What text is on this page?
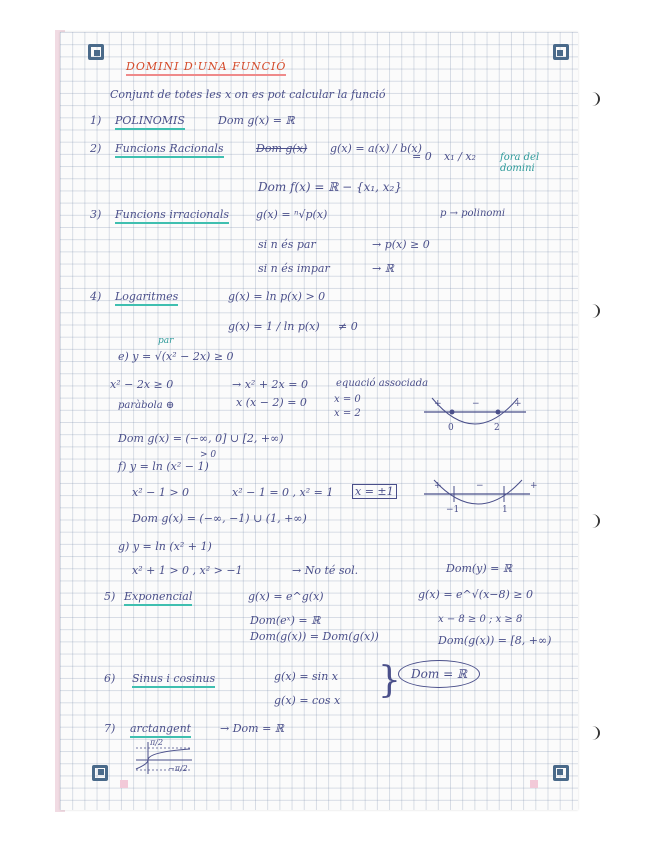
DOMINI D'UNA FUNCIÓ
Conjunt de totes les x on es pot calcular la funció
1) POLINOMIS	Dom g(x) = ℝ
2) Funcions Racionals	Dom g(x) g(x) = a(x) / b(x)
= 0 x₁ / x₂ fora del domini
Dom f(x) = ℝ − {x₁, x₂}
3) Funcions irracionals g(x) = ⁿ√p(x)	p → polinomi
si n és par	→ p(x) ≥ 0
si n és impar	→ ℝ
4) Logaritmes	g(x) = ln p(x) > 0
g(x) = 1 / ln p(x) ≠ 0
e) y = √(x² − 2x) ≥ 0
par
x² − 2x ≥ 0	→ x² + 2x = 0	equació associada
x (x − 2) = 0	x = 0
x = 2
paràbola ⊕
Dom g(x) = (−∞, 0] ∪ [2, +∞)
+	−	+
0	2
f) y = ln (x² − 1)
> 0
x² − 1 > 0	x² − 1 = 0 , x² = 1 x = ±1
Dom g(x) = (−∞, −1) ∪ (1, +∞)
+	−	+
−1	1
g) y = ln (x² + 1)
x² + 1 > 0 , x² > −1	→ No té sol.	Dom(y) = ℝ
5) Exponencial	g(x) = e^g(x)
Dom(eˣ) = ℝ
Dom(g(x)) = Dom(g(x))
g(x) = e^√(x−8) ≥ 0
x − 8 ≥ 0 ; x ≥ 8
Dom(g(x)) = [8, +∞)
6) Sinus i cosinus	g(x) = sin x
g(x) = cos x } Dom = ℝ
7) arctangent	→ Dom = ℝ
π/2
−π/2
